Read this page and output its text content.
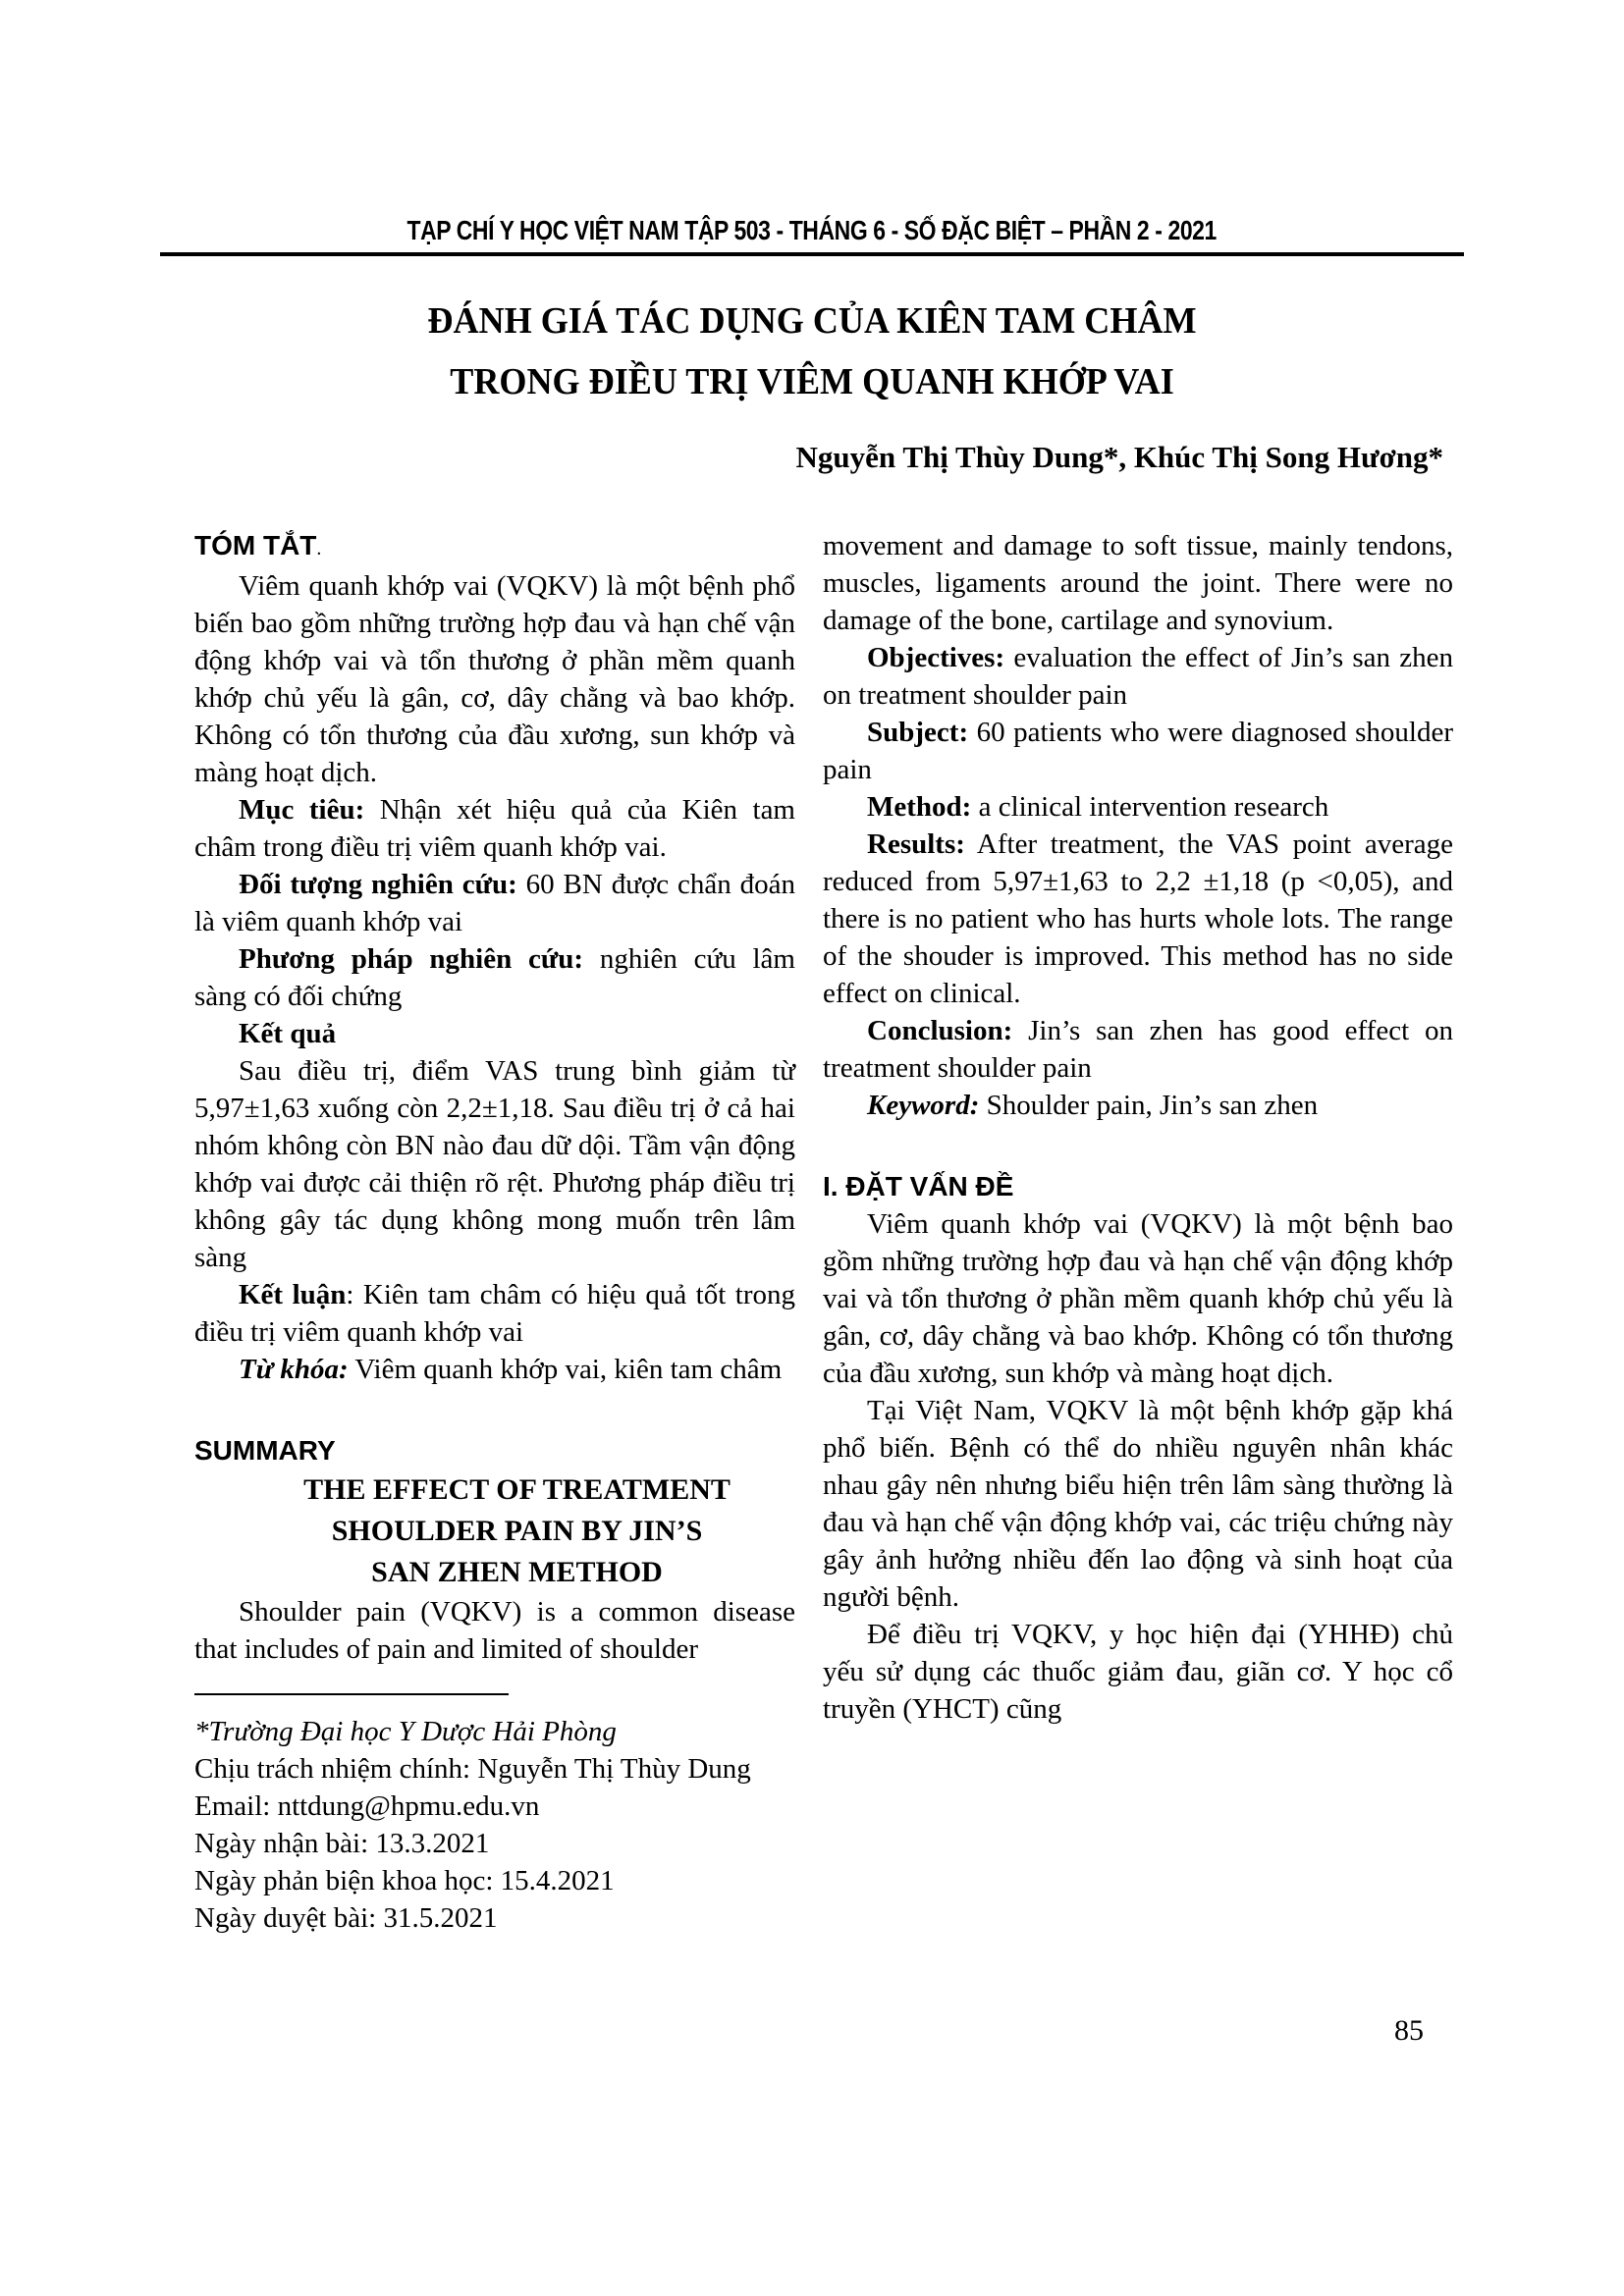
TẠP CHÍ Y HỌC VIỆT NAM TẬP 503 - THÁNG 6 - SỐ ĐẶC BIỆT – PHẦN 2 - 2021
ĐÁNH GIÁ TÁC DỤNG CỦA KIÊN TAM CHÂM
TRONG ĐIỀU TRỊ VIÊM QUANH KHỚP VAI
Nguyễn Thị Thùy Dung*, Khúc Thị Song Hương*
TÓM TẮT.

Viêm quanh khớp vai (VQKV) là một bệnh phổ biến bao gồm những trường hợp đau và hạn chế vận động khớp vai và tổn thương ở phần mềm quanh khớp chủ yếu là gân, cơ, dây chằng và bao khớp. Không có tổn thương của đầu xương, sun khớp và màng hoạt dịch.

Mục tiêu: Nhận xét hiệu quả của Kiên tam châm trong điều trị viêm quanh khớp vai.

Đối tượng nghiên cứu: 60 BN được chẩn đoán là viêm quanh khớp vai

Phương pháp nghiên cứu: nghiên cứu lâm sàng có đối chứng

Kết quả

Sau điều trị, điểm VAS trung bình giảm từ 5,97±1,63 xuống còn 2,2±1,18. Sau điều trị ở cả hai nhóm không còn BN nào đau dữ dội. Tầm vận động khớp vai được cải thiện rõ rệt. Phương pháp điều trị không gây tác dụng không mong muốn trên lâm sàng

Kết luận: Kiên tam châm có hiệu quả tốt trong điều trị viêm quanh khớp vai

Từ khóa: Viêm quanh khớp vai, kiên tam châm

SUMMARY

THE EFFECT OF TREATMENT

SHOULDER PAIN BY JIN’S

SAN ZHEN METHOD

Shoulder pain (VQKV) is a common disease that includes of pain and limited of shoulder

*Trường Đại học Y Dược Hải Phòng

Chịu trách nhiệm chính: Nguyễn Thị Thùy Dung

Email: nttdung@hpmu.edu.vn

Ngày nhận bài: 13.3.2021

Ngày phản biện khoa học: 15.4.2021

Ngày duyệt bài: 31.5.2021

movement and damage to soft tissue, mainly tendons, muscles, ligaments around the joint. There were no damage of the bone, cartilage and synovium.

Objectives: evaluation the effect of Jin’s san zhen on treatment shoulder pain

Subject: 60 patients who were diagnosed shoulder pain

Method: a clinical intervention research

Results: After treatment, the VAS point average reduced from 5,97±1,63 to 2,2 ±1,18 (p <0,05), and there is no patient who has hurts whole lots. The range of the shouder is improved. This method has no side effect on clinical.

Conclusion: Jin’s san zhen has good effect on treatment shoulder pain

Keyword: Shoulder pain, Jin’s san zhen

I. ĐẶT VẤN ĐỀ

Viêm quanh khớp vai (VQKV) là một bệnh bao gồm những trường hợp đau và hạn chế vận động khớp vai và tổn thương ở phần mềm quanh khớp chủ yếu là gân, cơ, dây chằng và bao khớp. Không có tổn thương của đầu xương, sun khớp và màng hoạt dịch.

Tại Việt Nam, VQKV là một bệnh khớp gặp khá phổ biến. Bệnh có thể do nhiều nguyên nhân khác nhau gây nên nhưng biểu hiện trên lâm sàng thường là đau và hạn chế vận động khớp vai, các triệu chứng này gây ảnh hưởng nhiều đến lao động và sinh hoạt của người bệnh.

Để điều trị VQKV, y học hiện đại (YHHĐ) chủ yếu sử dụng các thuốc giảm đau, giãn cơ. Y học cổ truyền (YHCT) cũng

85
